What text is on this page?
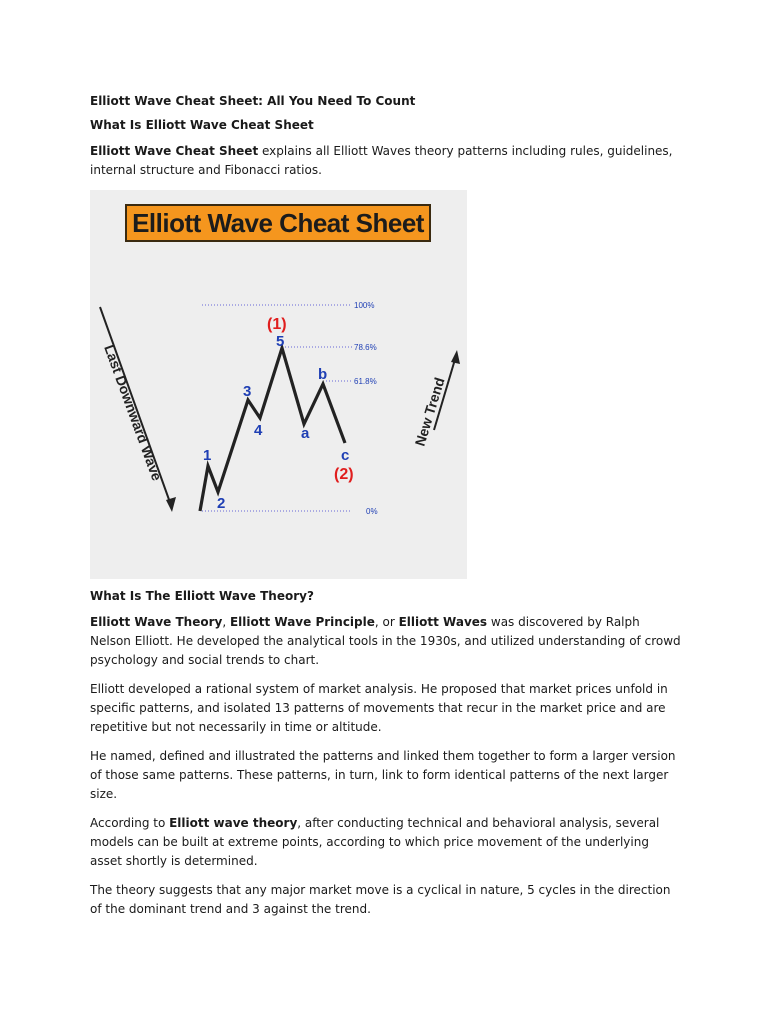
Elliott Wave Cheat Sheet: All You Need To Count

What Is Elliott Wave Cheat Sheet

Elliott Wave Cheat Sheet explains all Elliott Waves theory patterns including rules, guidelines, internal structure and Fibonacci ratios.

Elliott Wave Cheat Sheet
100%
78.6%
61.8%
0%
Last Downward Wave	1
2
3
4
5
a
b
c
(1)
(2)
New Trend

What Is The Elliott Wave Theory?

Elliott Wave Theory, Elliott Wave Principle, or Elliott Waves was discovered by Ralph Nelson Elliott. He developed the analytical tools in the 1930s, and utilized understanding of crowd psychology and social trends to chart.

Elliott developed a rational system of market analysis. He proposed that market prices unfold in specific patterns, and isolated 13 patterns of movements that recur in the market price and are repetitive but not necessarily in time or altitude.

He named, defined and illustrated the patterns and linked them together to form a larger version of those same patterns. These patterns, in turn, link to form identical patterns of the next larger size.

According to Elliott wave theory, after conducting technical and behavioral analysis, several models can be built at extreme points, according to which price movement of the underlying asset shortly is determined.

The theory suggests that any major market move is a cyclical in nature, 5 cycles in the direction of the dominant trend and 3 against the trend.
